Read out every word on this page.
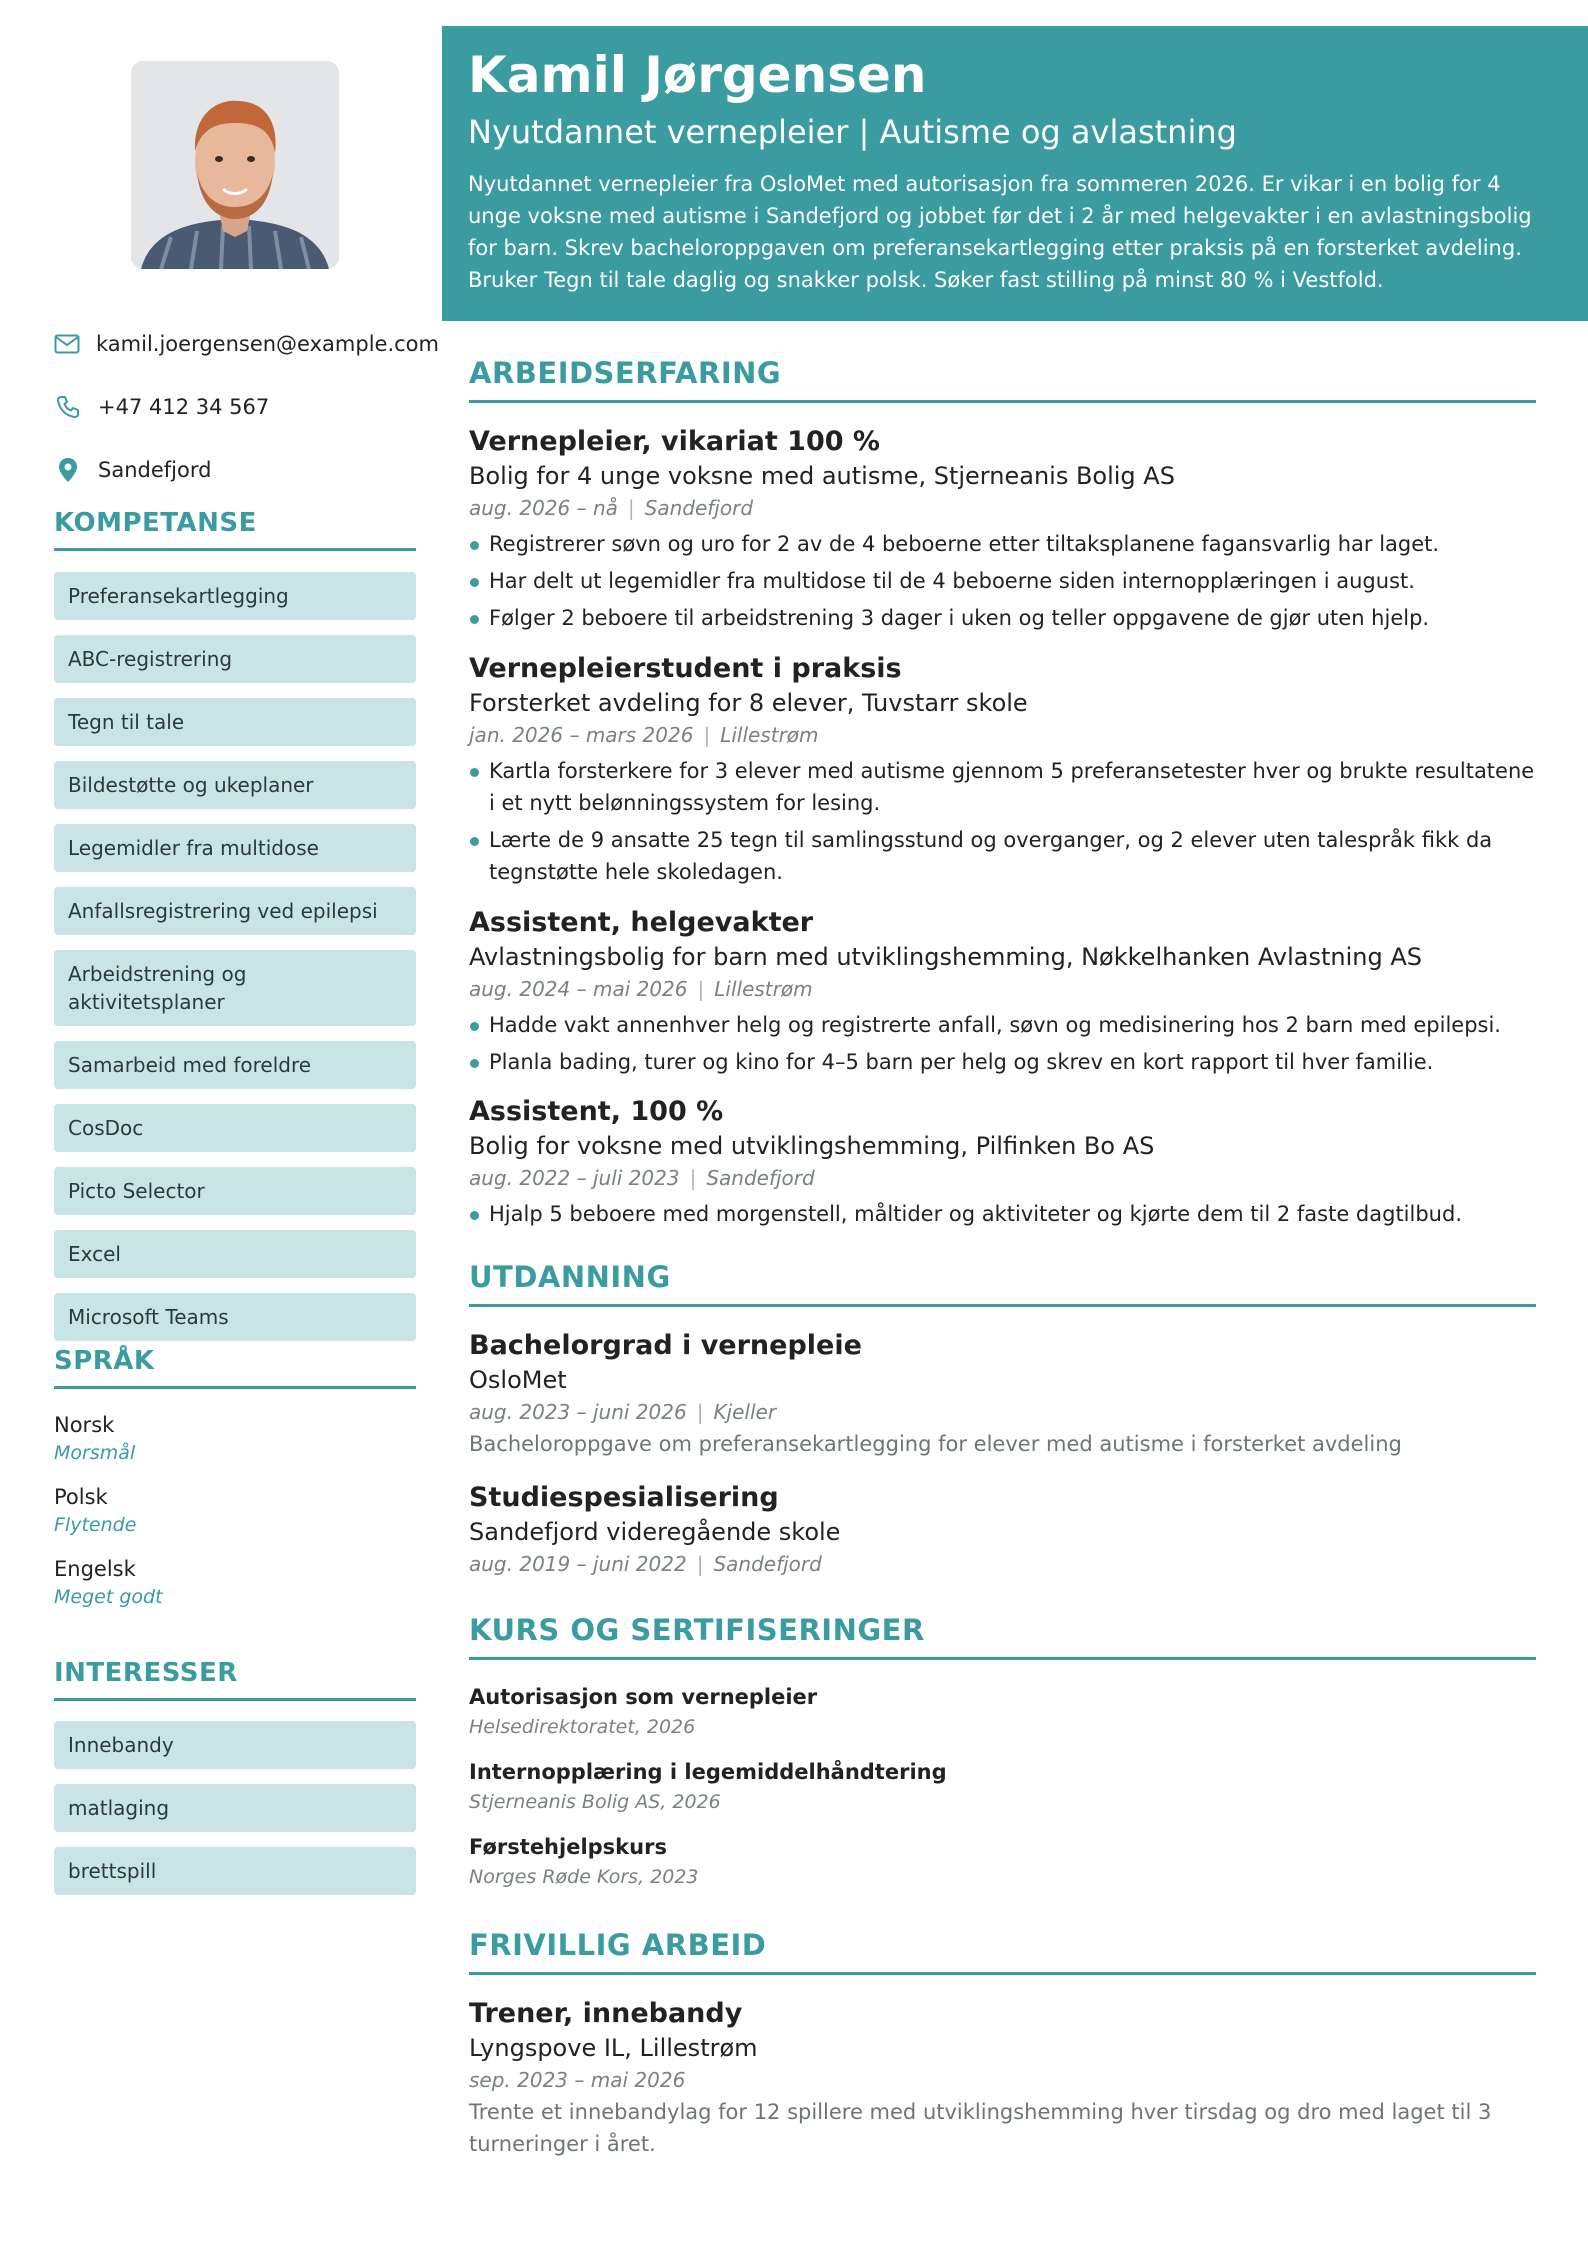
kamil.joergensen@example.com
+47 412 34 567
Sandefjord
KOMPETANSE
Preferansekartlegging
ABC-registrering
Tegn til tale
Bildestøtte og ukeplaner
Legemidler fra multidose
Anfallsregistrering ved epilepsi
Arbeidstrening og aktivitetsplaner
Samarbeid med foreldre
CosDoc
Picto Selector
Excel
Microsoft Teams
SPRÅK
Norsk
Morsmål
Polsk
Flytende
Engelsk
Meget godt
INTERESSER
Innebandy
matlaging
brettspill
Kamil Jørgensen
Nyutdannet vernepleier | Autisme og avlastning
Nyutdannet vernepleier fra OsloMet med autorisasjon fra sommeren 2026. Er vikar i en bolig for 4 unge voksne med autisme i Sandefjord og jobbet før det i 2 år med helgevakter i en avlastningsbolig for barn. Skrev bacheloroppgaven om preferansekartlegging etter praksis på en forsterket avdeling. Bruker Tegn til tale daglig og snakker polsk. Søker fast stilling på minst 80 % i Vestfold.
ARBEIDSERFARING
Vernepleier, vikariat 100 %
Bolig for 4 unge voksne med autisme, Stjerneanis Bolig AS
aug. 2026 – nå | Sandefjord
Registrerer søvn og uro for 2 av de 4 beboerne etter tiltaksplanene fagansvarlig har laget.
Har delt ut legemidler fra multidose til de 4 beboerne siden internopplæringen i august.
Følger 2 beboere til arbeidstrening 3 dager i uken og teller oppgavene de gjør uten hjelp.
Vernepleierstudent i praksis
Forsterket avdeling for 8 elever, Tuvstarr skole
jan. 2026 – mars 2026 | Lillestrøm
Kartla forsterkere for 3 elever med autisme gjennom 5 preferansetester hver og brukte resultatene i et nytt belønningssystem for lesing.
Lærte de 9 ansatte 25 tegn til samlingsstund og overganger, og 2 elever uten talespråk fikk da tegnstøtte hele skoledagen.
Assistent, helgevakter
Avlastningsbolig for barn med utviklingshemming, Nøkkelhanken Avlastning AS
aug. 2024 – mai 2026 | Lillestrøm
Hadde vakt annenhver helg og registrerte anfall, søvn og medisinering hos 2 barn med epilepsi.
Planla bading, turer og kino for 4–5 barn per helg og skrev en kort rapport til hver familie.
Assistent, 100 %
Bolig for voksne med utviklingshemming, Pilfinken Bo AS
aug. 2022 – juli 2023 | Sandefjord
Hjalp 5 beboere med morgenstell, måltider og aktiviteter og kjørte dem til 2 faste dagtilbud.
UTDANNING
Bachelorgrad i vernepleie
OsloMet
aug. 2023 – juni 2026 | Kjeller
Bacheloroppgave om preferansekartlegging for elever med autisme i forsterket avdeling
Studiespesialisering
Sandefjord videregående skole
aug. 2019 – juni 2022 | Sandefjord
KURS OG SERTIFISERINGER
Autorisasjon som vernepleier
Helsedirektoratet, 2026
Internopplæring i legemiddelhåndtering
Stjerneanis Bolig AS, 2026
Førstehjelpskurs
Norges Røde Kors, 2023
FRIVILLIG ARBEID
Trener, innebandy
Lyngspove IL, Lillestrøm
sep. 2023 – mai 2026
Trente et innebandylag for 12 spillere med utviklingshemming hver tirsdag og dro med laget til 3 turneringer i året.
